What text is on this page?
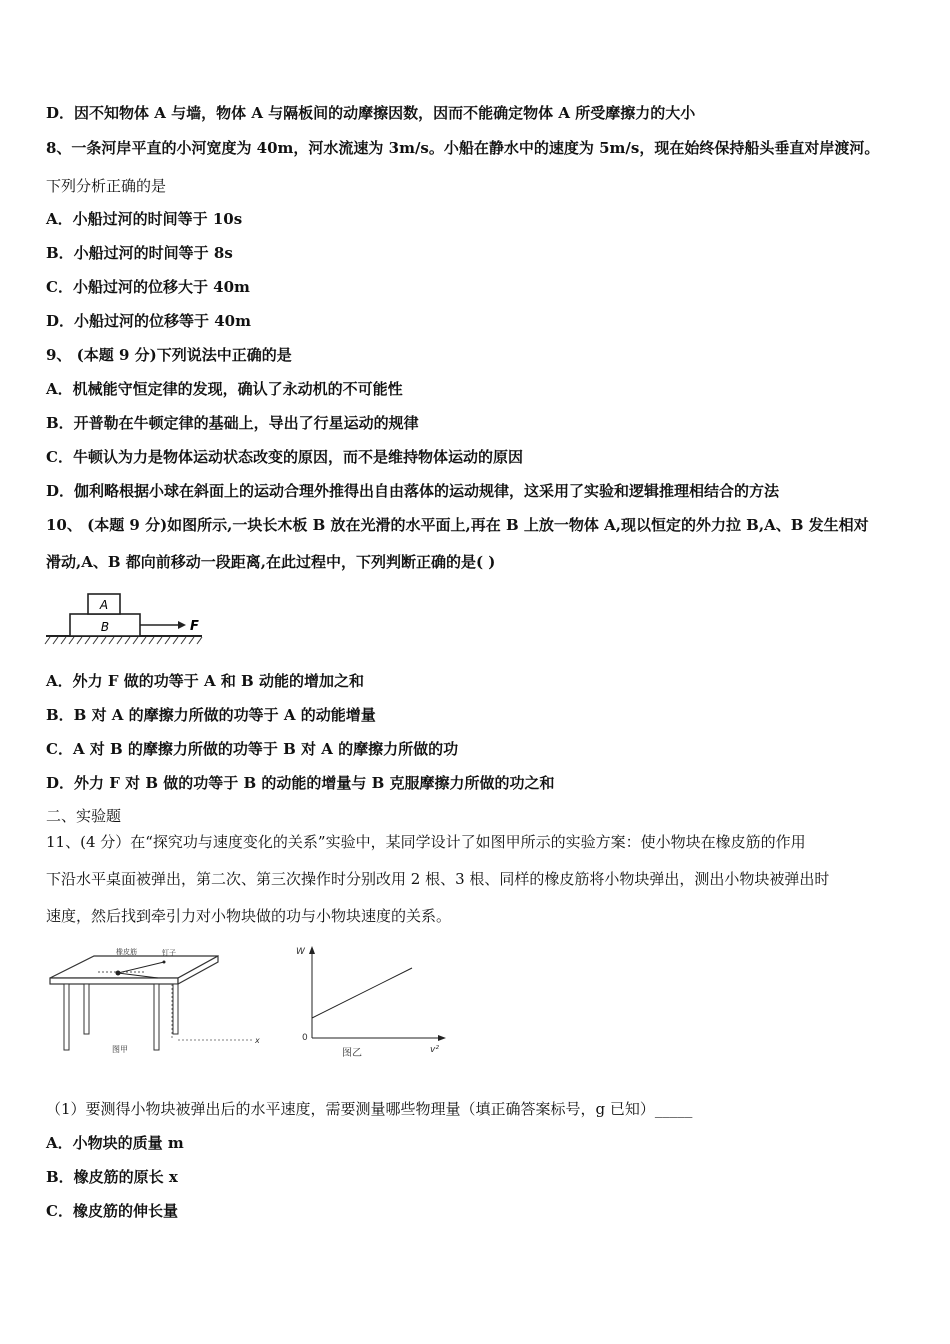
D．因不知物体 A 与墙，物体 A 与隔板间的动摩擦因数，因而不能确定物体 A 所受摩擦力的大小
8、一条河岸平直的小河宽度为 40m，河水流速为 3m/s。小船在静水中的速度为 5m/s，现在始终保持船头垂直对岸渡河。
下列分析正确的是
A．小船过河的时间等于 10s
B．小船过河的时间等于 8s
C．小船过河的位移大于 40m
D．小船过河的位移等于 40m
9、 (本题 9 分)下列说法中正确的是
A．机械能守恒定律的发现，确认了永动机的不可能性
B．开普勒在牛顿定律的基础上，导出了行星运动的规律
C．牛顿认为力是物体运动状态改变的原因，而不是维持物体运动的原因
D．伽利略根据小球在斜面上的运动合理外推得出自由落体的运动规律，这采用了实验和逻辑推理相结合的方法
10、 (本题 9 分)如图所示,一块长木板 B 放在光滑的水平面上,再在 B 上放一物体 A,现以恒定的外力拉 B,A、B 发生相对
滑动,A、B 都向前移动一段距离,在此过程中，下列判断正确的是( )
A
B	F
A．外力 F 做的功等于 A 和 B 动能的增加之和
B．B 对 A 的摩擦力所做的功等于 A 的动能增量
C．A 对 B 的摩擦力所做的功等于 B 对 A 的摩擦力所做的功
D．外力 F 对 B 做的功等于 B 的动能的增量与 B 克服摩擦力所做的功之和
二、实验题
11、(4 分）在“探究功与速度变化的关系”实验中，某同学设计了如图甲所示的实验方案：使小物块在橡皮筋的作用
下沿水平桌面被弹出，第二次、第三次操作时分别改用 2 根、3 根、同样的橡皮筋将小物块弹出，测出小物块被弹出时
速度，然后找到牵引力对小物块做的功与小物块速度的关系。
橡皮筋	钉子
x
图甲
W
v²
0
图乙
（1）要测得小物块被弹出后的水平速度，需要测量哪些物理量（填正确答案标号，g 已知）_____
A．小物块的质量 m
B．橡皮筋的原长 x
C．橡皮筋的伸长量
